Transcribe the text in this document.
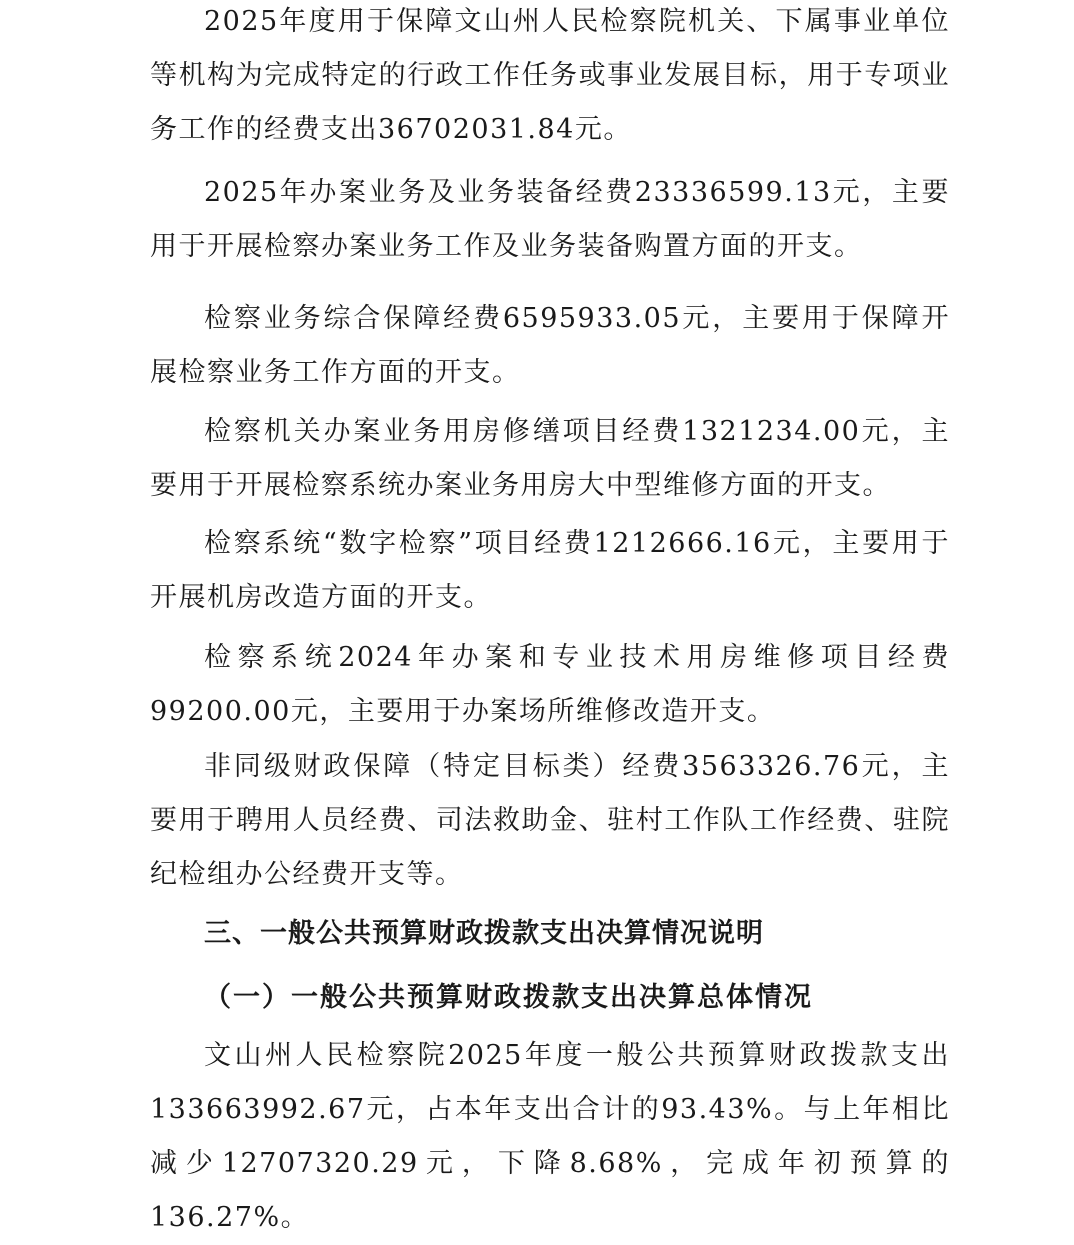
2025年度用于保障文山州人民检察院机关、下属事业单位等机构为完成特定的行政工作任务或事业发展目标，用于专项业务工作的经费支出36702031.84元。

2025年办案业务及业务装备经费23336599.13元，主要用于开展检察办案业务工作及业务装备购置方面的开支。

检察业务综合保障经费6595933.05元，主要用于保障开展检察业务工作方面的开支。

检察机关办案业务用房修缮项目经费1321234.00元，主要用于开展检察系统办案业务用房大中型维修方面的开支。

检察系统“数字检察”项目经费1212666.16元，主要用于开展机房改造方面的开支。

检察系统2024年办案和专业技术用房维修项目经费99200.00元，主要用于办案场所维修改造开支。

非同级财政保障（特定目标类）经费3563326.76元，主要用于聘用人员经费、司法救助金、驻村工作队工作经费、驻院纪检组办公经费开支等。

三、一般公共预算财政拨款支出决算情况说明
（一）一般公共预算财政拨款支出决算总体情况

文山州人民检察院2025年度一般公共预算财政拨款支出133663992.67元，占本年支出合计的93.43%。与上年相比减少12707320.29元，下降8.68%，完成年初预算的136.27%。
